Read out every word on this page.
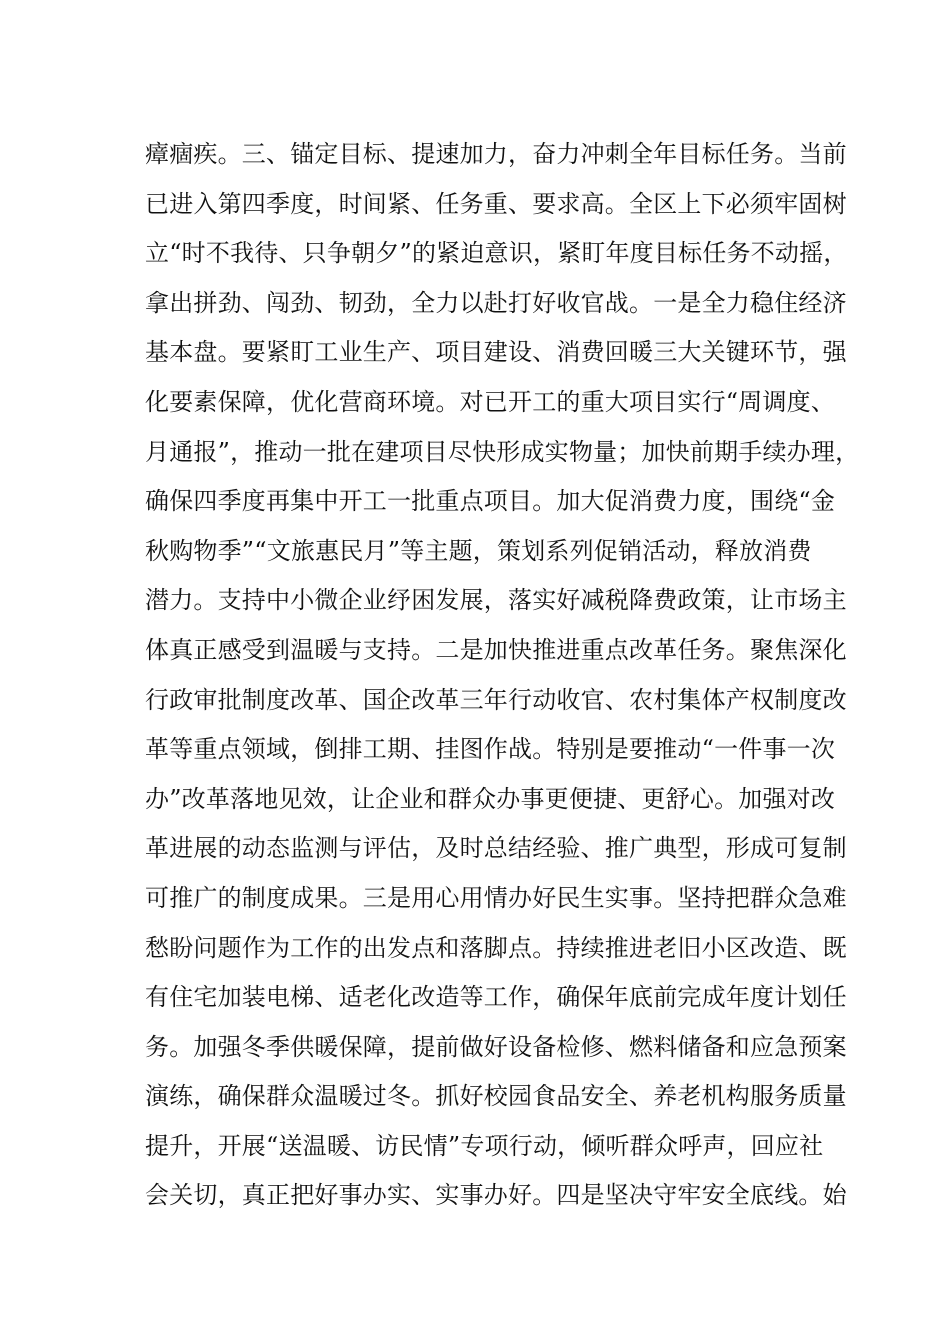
瘴痼疾。三、锚定目标、提速加力，奋力冲刺全年目标任务。当前
已进入第四季度，时间紧、任务重、要求高。全区上下必须牢固树
立“时不我待、只争朝夕”的紧迫意识，紧盯年度目标任务不动摇，
拿出拼劲、闯劲、韧劲，全力以赴打好收官战。一是全力稳住经济
基本盘。要紧盯工业生产、项目建设、消费回暖三大关键环节，强
化要素保障，优化营商环境。对已开工的重大项目实行“周调度、
月通报”，推动一批在建项目尽快形成实物量；加快前期手续办理，
确保四季度再集中开工一批重点项目。加大促消费力度，围绕“金
秋购物季”“文旅惠民月”等主题，策划系列促销活动，释放消费
潜力。支持中小微企业纾困发展，落实好减税降费政策，让市场主
体真正感受到温暖与支持。二是加快推进重点改革任务。聚焦深化
行政审批制度改革、国企改革三年行动收官、农村集体产权制度改
革等重点领域，倒排工期、挂图作战。特别是要推动“一件事一次
办”改革落地见效，让企业和群众办事更便捷、更舒心。加强对改
革进展的动态监测与评估，及时总结经验、推广典型，形成可复制
可推广的制度成果。三是用心用情办好民生实事。坚持把群众急难
愁盼问题作为工作的出发点和落脚点。持续推进老旧小区改造、既
有住宅加装电梯、适老化改造等工作，确保年底前完成年度计划任
务。加强冬季供暖保障，提前做好设备检修、燃料储备和应急预案
演练，确保群众温暖过冬。抓好校园食品安全、养老机构服务质量
提升，开展“送温暖、访民情”专项行动，倾听群众呼声，回应社
会关切，真正把好事办实、实事办好。四是坚决守牢安全底线。始
